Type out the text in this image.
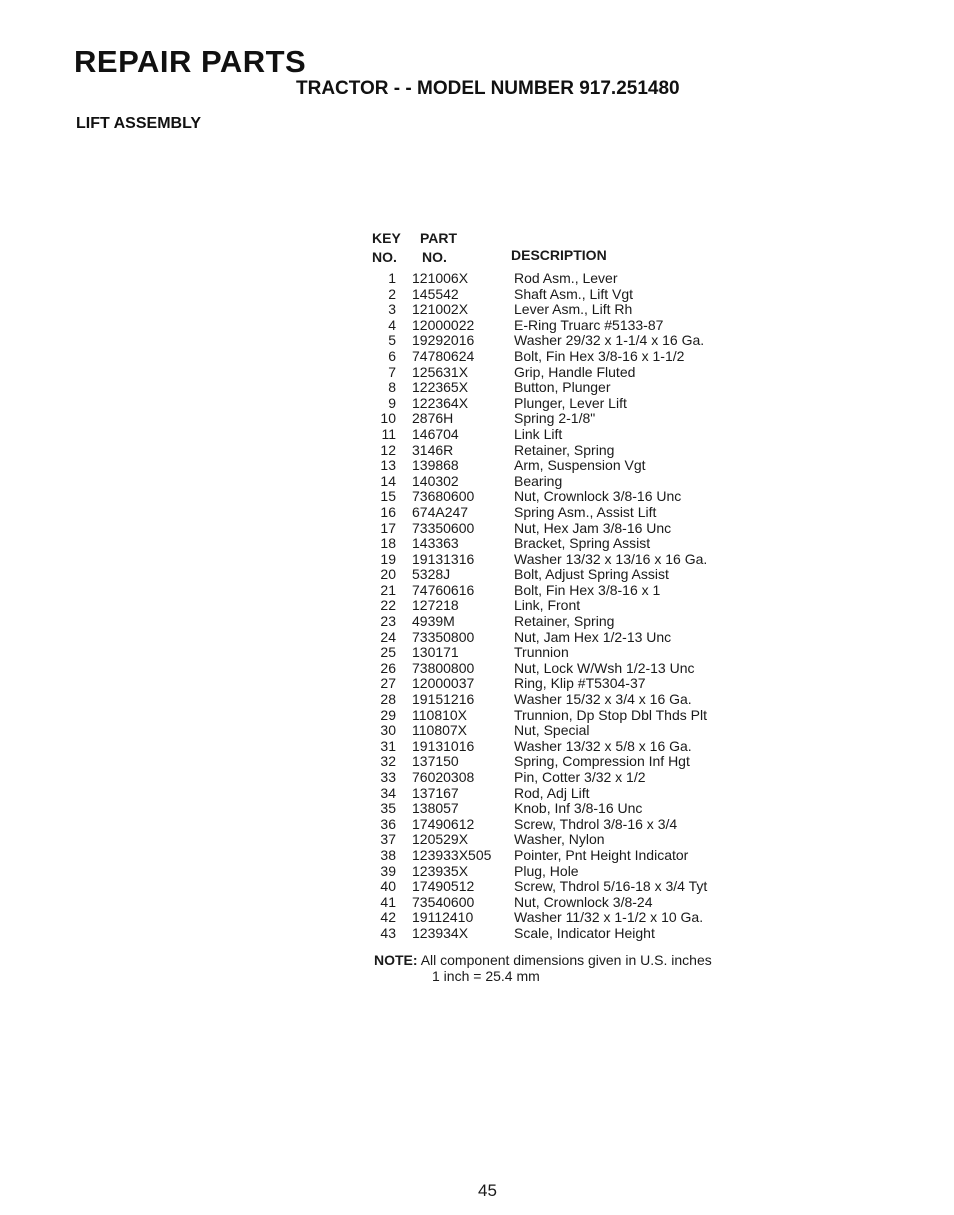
REPAIR PARTS
TRACTOR - - MODEL NUMBER 917.251480
LIFT ASSEMBLY
KEY PART
NO. NO.	DESCRIPTION
1 121006X	Rod Asm., Lever
2 145542	Shaft Asm., Lift Vgt
3 121002X	Lever Asm., Lift Rh
4 12000022	E-Ring Truarc #5133-87
5 19292016	Washer 29/32 x 1-1/4 x 16 Ga.
6 74780624	Bolt, Fin Hex 3/8-16 x 1-1/2
7 125631X	Grip, Handle Fluted
8 122365X	Button, Plunger
9 122364X	Plunger, Lever Lift
10 2876H	Spring 2-1/8"
11 146704	Link Lift
12 3146R	Retainer, Spring
13 139868	Arm, Suspension Vgt
14 140302	Bearing
15 73680600	Nut, Crownlock 3/8-16 Unc
16 674A247	Spring Asm., Assist Lift
17 73350600	Nut, Hex Jam 3/8-16 Unc
18 143363	Bracket, Spring Assist
19 19131316	Washer 13/32 x 13/16 x 16 Ga.
20 5328J	Bolt, Adjust Spring Assist
21 74760616	Bolt, Fin Hex 3/8-16 x 1
22 127218	Link, Front
23 4939M	Retainer, Spring
24 73350800	Nut, Jam Hex 1/2-13 Unc
25 130171	Trunnion
26 73800800	Nut, Lock W/Wsh 1/2-13 Unc
27 12000037	Ring, Klip #T5304-37
28 19151216	Washer 15/32 x 3/4 x 16 Ga.
29 110810X	Trunnion, Dp Stop Dbl Thds Plt
30 110807X	Nut, Special
31 19131016	Washer 13/32 x 5/8 x 16 Ga.
32 137150	Spring, Compression Inf Hgt
33 76020308	Pin, Cotter 3/32 x 1/2
34 137167	Rod, Adj Lift
35 138057	Knob, Inf 3/8-16 Unc
36 17490612	Screw, Thdrol 3/8-16 x 3/4
37 120529X	Washer, Nylon
38 123933X505 Pointer, Pnt Height Indicator
39 123935X	Plug, Hole
40 17490512	Screw, Thdrol 5/16-18 x 3/4 Tyt
41 73540600	Nut, Crownlock 3/8-24
42 19112410	Washer 11/32 x 1-1/2 x 10 Ga.
43 123934X	Scale, Indicator Height
NOTE: All component dimensions given in U.S. inches
1 inch = 25.4 mm
45
